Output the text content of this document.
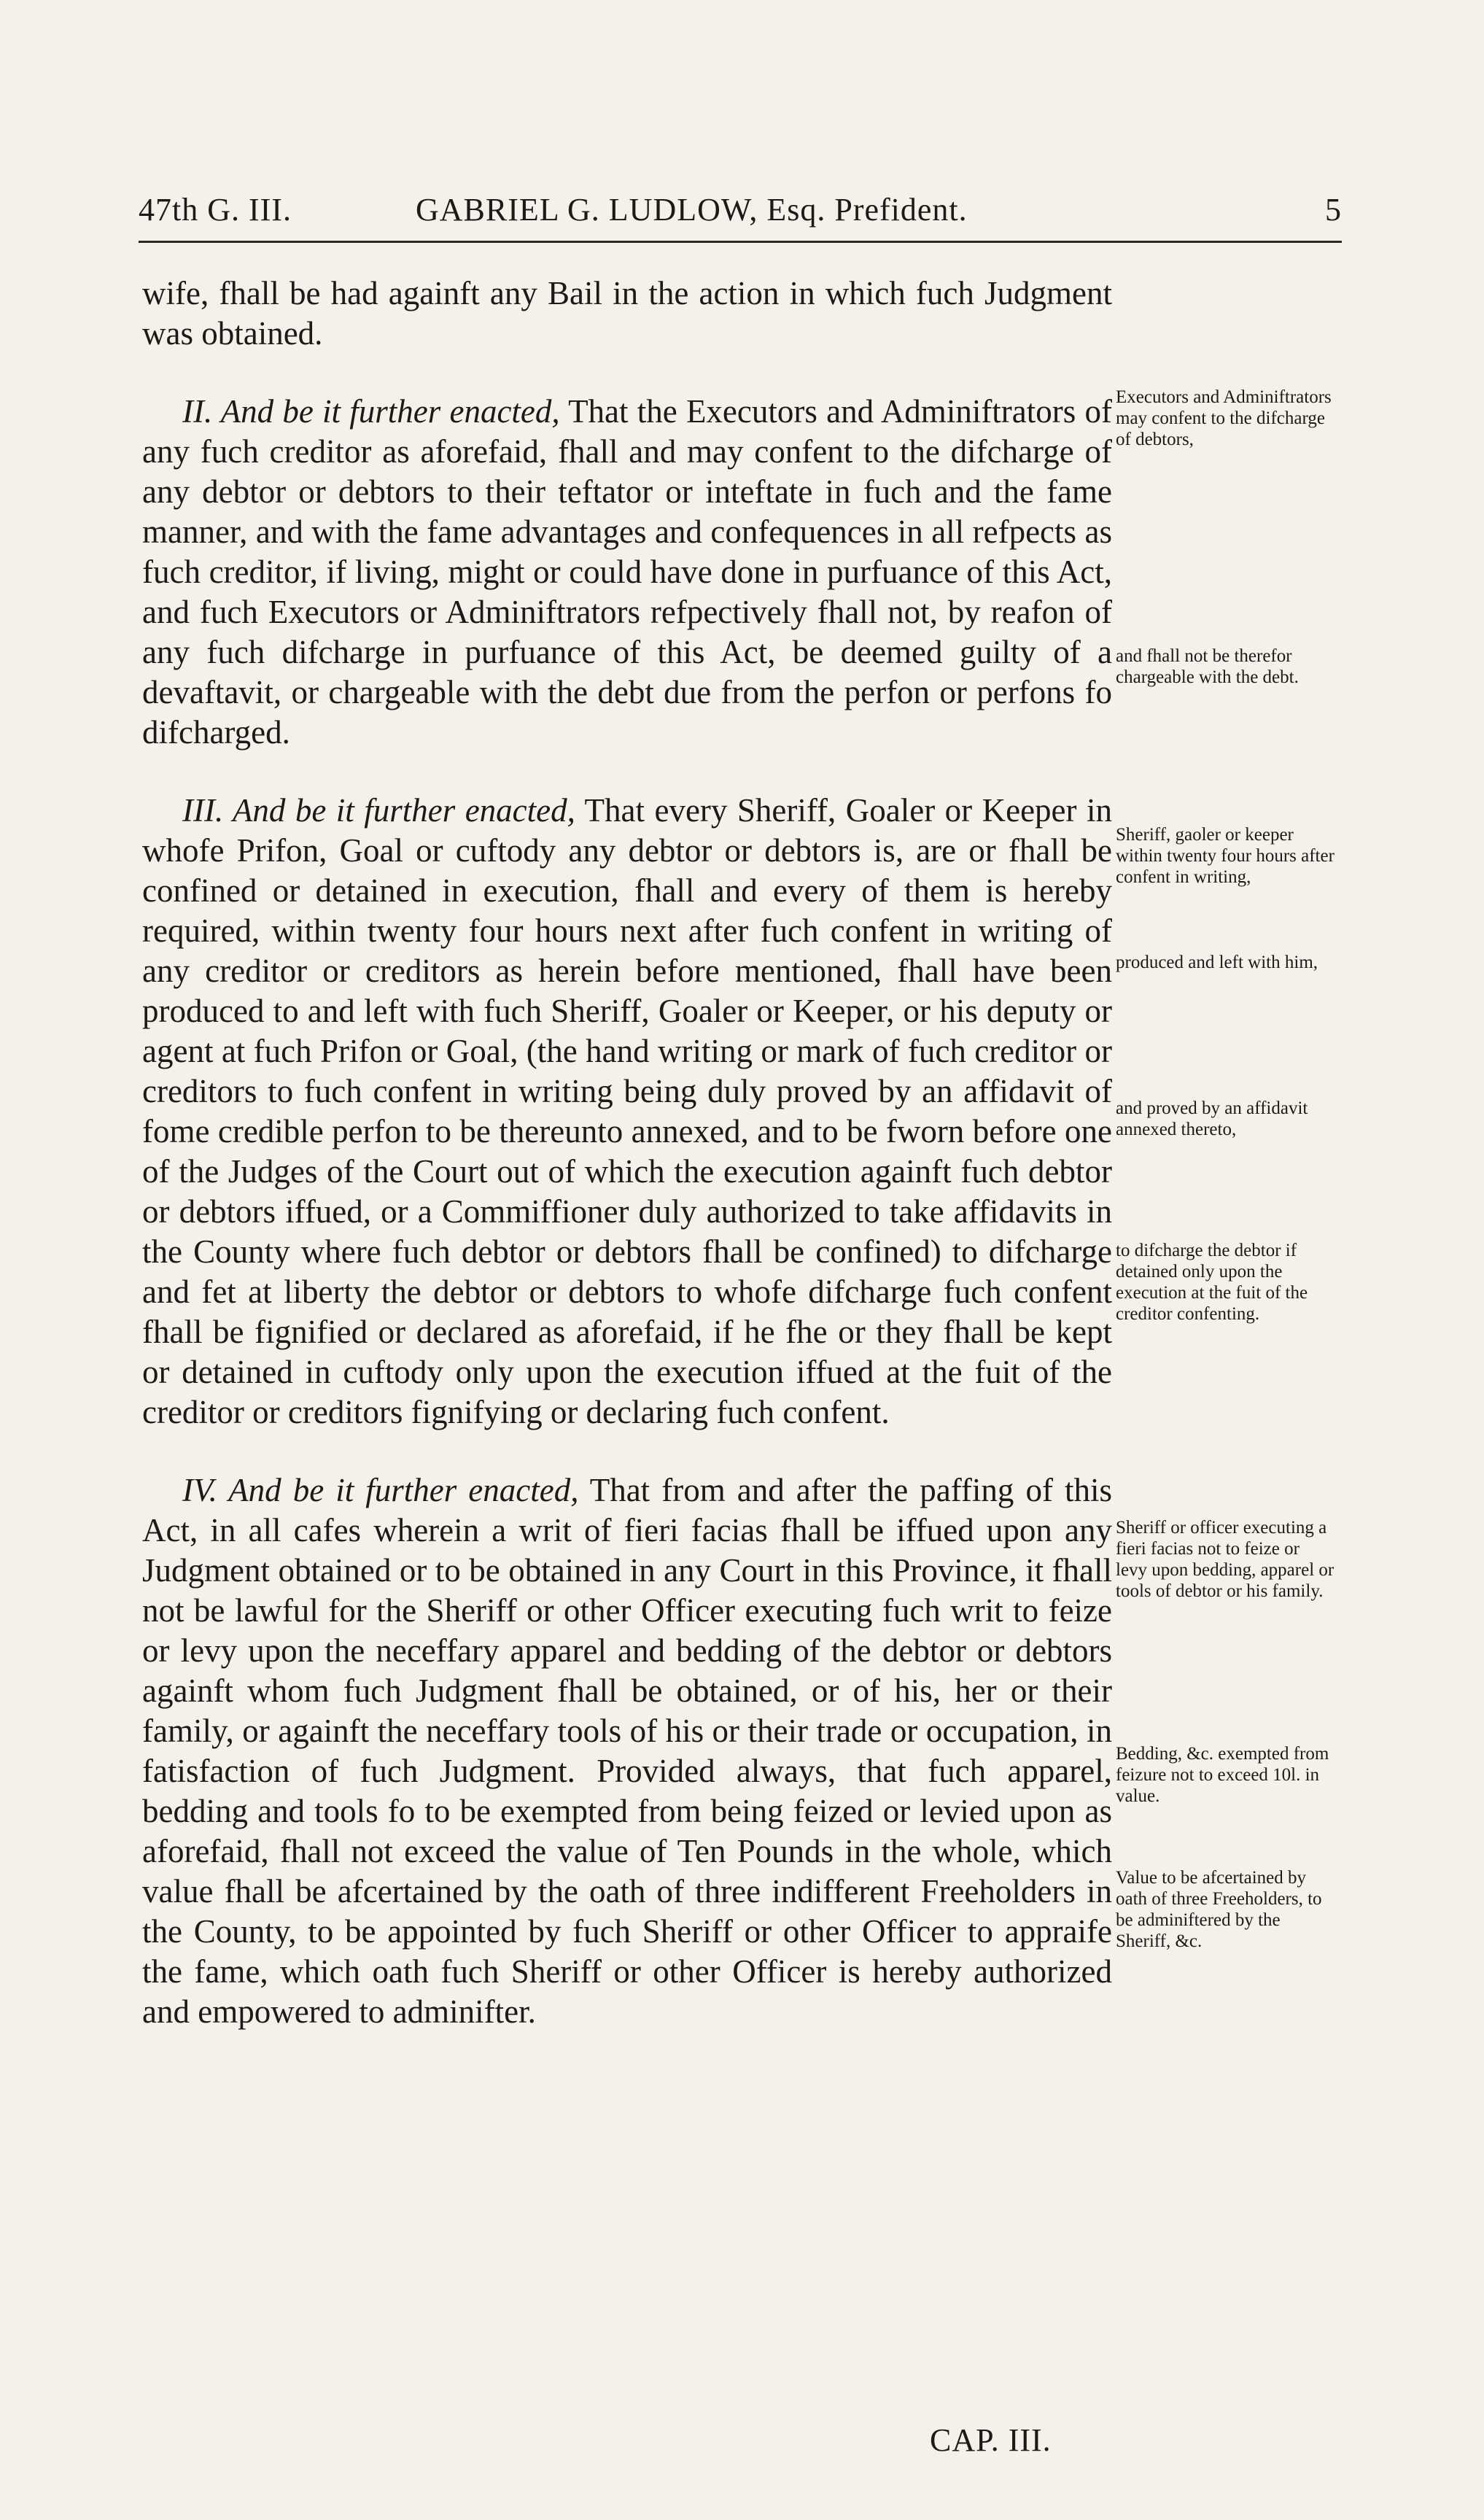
47th G. III.	GABRIEL G. LUDLOW, Esq. Prefident.	5

wife, fhall be had againft any Bail in the action in which fuch Judgment was obtained.

II. And be it further enacted, That the Executors and Adminiftrators of any fuch creditor as aforefaid, fhall and may confent to the difcharge of any debtor or debtors to their teftator or inteftate in fuch and the fame manner, and with the fame advantages and confequences in all refpects as fuch creditor, if living, might or could have done in purfuance of this Act, and fuch Executors or Adminiftrators refpectively fhall not, by reafon of any fuch difcharge in purfuance of this Act, be deemed guilty of a devaftavit, or chargeable with the debt due from the perfon or perfons fo difcharged.

III. And be it further enacted, That every Sheriff, Goaler or Keeper in whofe Prifon, Goal or cuftody any debtor or debtors is, are or fhall be confined or detained in execution, fhall and every of them is hereby required, within twenty four hours next after fuch confent in writing of any creditor or creditors as herein before mentioned, fhall have been produced to and left with fuch Sheriff, Goaler or Keeper, or his deputy or agent at fuch Prifon or Goal, (the hand writing or mark of fuch creditor or creditors to fuch confent in writing being duly proved by an affidavit of fome credible perfon to be thereunto annexed, and to be fworn before one of the Judges of the Court out of which the execution againft fuch debtor or debtors iffued, or a Commiffioner duly authorized to take affidavits in the County where fuch debtor or debtors fhall be confined) to difcharge and fet at liberty the debtor or debtors to whofe difcharge fuch confent fhall be fignified or declared as aforefaid, if he fhe or they fhall be kept or detained in cuftody only upon the execution iffued at the fuit of the creditor or creditors fignifying or declaring fuch confent.

IV. And be it further enacted, That from and after the paffing of this Act, in all cafes wherein a writ of fieri facias fhall be iffued upon any Judgment obtained or to be obtained in any Court in this Province, it fhall not be lawful for the Sheriff or other Officer executing fuch writ to feize or levy upon the neceffary apparel and bedding of the debtor or debtors againft whom fuch Judgment fhall be obtained, or of his, her or their family, or againft the neceffary tools of his or their trade or occupation, in fatisfaction of fuch Judgment. Provided always, that fuch apparel, bedding and tools fo to be exempted from being feized or levied upon as aforefaid, fhall not exceed the value of Ten Pounds in the whole, which value fhall be afcertained by the oath of three indifferent Freeholders in the County, to be appointed by fuch Sheriff or other Officer to appraife the fame, which oath fuch Sheriff or other Officer is hereby authorized and empowered to adminifter.

Executors and Adminiftrators may confent to the difcharge of debtors,
and fhall not be therefor chargeable with the debt.
Sheriff, gaoler or keeper within twenty four hours after confent in writing,
produced and left with him,
and proved by an affidavit annexed thereto,
to difcharge the debtor if detained only upon the execution at the fuit of the creditor confenting.
Sheriff or officer executing a fieri facias not to feize or levy upon bedding, apparel or tools of debtor or his family.
Bedding, &c. exempted from feizure not to exceed 10l. in value.
Value to be afcertained by oath of three Freeholders, to be adminiftered by the Sheriff, &c.
CAP. III.
